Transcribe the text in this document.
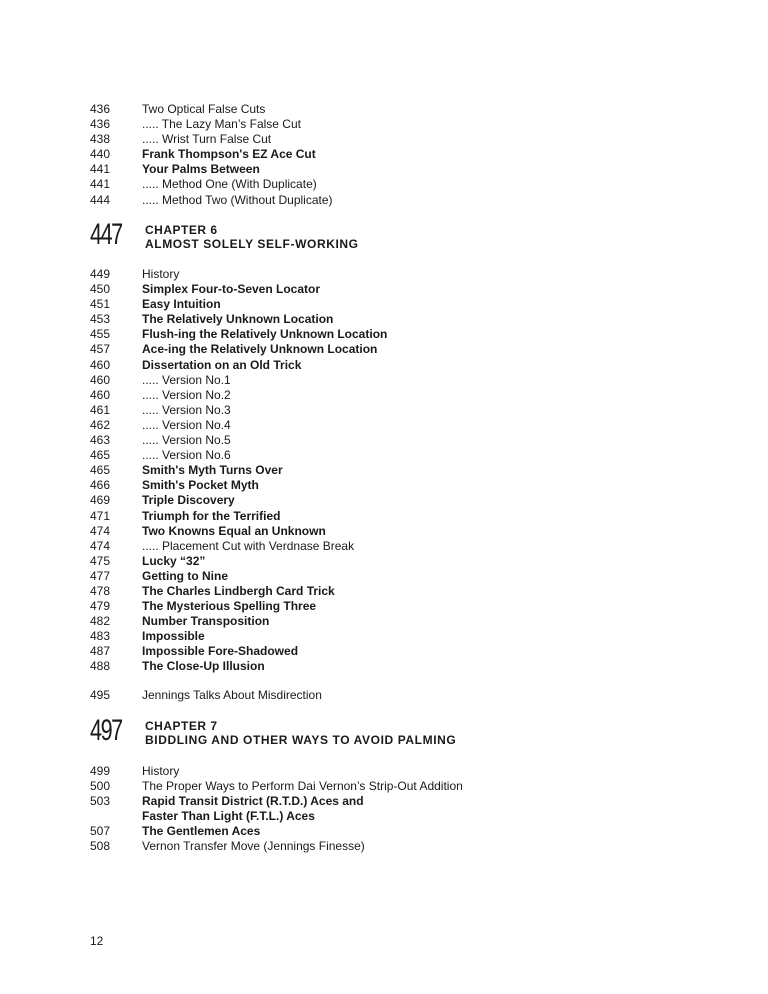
436	Two Optical False Cuts
436	..... The Lazy Man’s False Cut
438	..... Wrist Turn False Cut
440	Frank Thompson's EZ Ace Cut
441	Your Palms Between
441	..... Method One (With Duplicate)
444	..... Method Two (Without Duplicate)
447 CHAPTER 6
ALMOST SOLELY SELF-WORKING
449	History
450	Simplex Four-to-Seven Locator
451	Easy Intuition
453	The Relatively Unknown Location
455	Flush-ing the Relatively Unknown Location
457	Ace-ing the Relatively Unknown Location
460	Dissertation on an Old Trick
460	..... Version No.1
460	..... Version No.2
461	..... Version No.3
462	..... Version No.4
463	..... Version No.5
465	..... Version No.6
465	Smith's Myth Turns Over
466	Smith's Pocket Myth
469	Triple Discovery
471	Triumph for the Terrified
474	Two Knowns Equal an Unknown
474	..... Placement Cut with Verdnase Break
475	Lucky “32”
477	Getting to Nine
478	The Charles Lindbergh Card Trick
479	The Mysterious Spelling Three
482	Number Transposition
483	Impossible
487	Impossible Fore-Shadowed
488	The Close-Up Illusion
495	Jennings Talks About Misdirection
497 CHAPTER 7
BIDDLING AND OTHER WAYS TO AVOID PALMING
499	History
500	The Proper Ways to Perform Dai Vernon’s Strip-Out Addition
503	Rapid Transit District (R.T.D.) Aces and
Faster Than Light (F.T.L.) Aces
507	The Gentlemen Aces
508	Vernon Transfer Move (Jennings Finesse)
12
